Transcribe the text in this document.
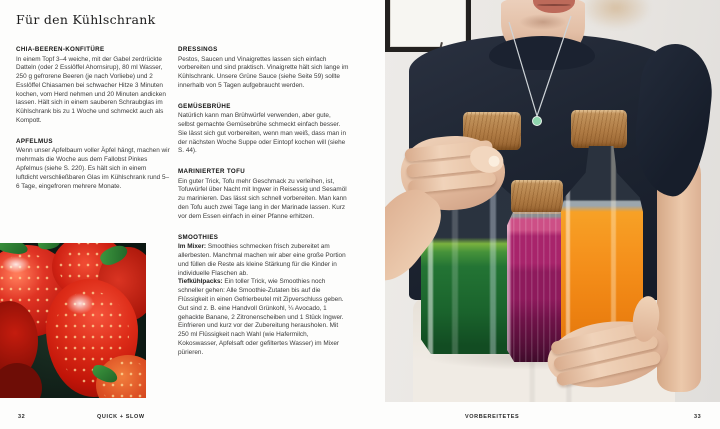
Für den Kühlschrank
CHIA-BEEREN-KONFITÜRE

In einem Topf 3–4 weiche, mit der Gabel zerdrückte Datteln (oder 2 Esslöffel Ahornsirup), 80 ml Wasser, 250 g gefrorene Beeren (je nach Vorliebe) und 2 Esslöffel Chiasamen bei schwacher Hitze 3 Minuten kochen, vom Herd nehmen und 20 Minuten andicken lassen. Hält sich in einem sauberen Schraubglas im Kühlschrank bis zu 1 Woche und schmeckt auch als Kompott.

APFELMUS

Wenn unser Apfelbaum voller Äpfel hängt, machen wir mehrmals die Woche aus dem Fallobst Pinkes Apfelmus (siehe S. 220). Es hält sich in einem luftdicht verschließbaren Glas im Kühlschrank rund 5–6 Tage, eingefroren mehrere Monate.

DRESSINGS

Pestos, Saucen und Vinaigrettes lassen sich einfach vorbereiten und sind praktisch. Vinaigrette hält sich lange im Kühlschrank. Unsere Grüne Sauce (siehe Seite 59) sollte innerhalb von 5 Tagen aufgebraucht werden.

GEMÜSEBRÜHE

Natürlich kann man Brühwürfel verwenden, aber gute, selbst gemachte Gemüsebrühe schmeckt einfach besser. Sie lässt sich gut vorbereiten, wenn man weiß, dass man in der nächsten Woche Suppe oder Eintopf kochen will (siehe S. 44).

MARINIERTER TOFU

Ein guter Trick, Tofu mehr Geschmack zu verleihen, ist, Tofuwürfel über Nacht mit Ingwer in Reisessig und Sesamöl zu marinieren. Das lässt sich schnell vorbereiten. Man kann den Tofu auch zwei Tage lang in der Marinade lassen. Kurz vor dem Essen einfach in einer Pfanne erhitzen.

SMOOTHIES

Im Mixer: Smoothies schmecken frisch zubereitet am allerbesten. Manchmal machen wir aber eine große Portion und füllen die Reste als kleine Stärkung für die Kinder in individuelle Flaschen ab.
Tiefkühlpacks: Ein toller Trick, wie Smoothies noch schneller gehen: Alle Smoothie-Zutaten bis auf die Flüssigkeit in einen Gefrierbeutel mit Zipverschluss geben. Gut sind z. B. eine Handvoll Grünkohl, ¼ Avocado, 1 gehackte Banane, 2 Zitronenscheiben und 1 Stück Ingwer. Einfrieren und kurz vor der Zubereitung herausholen. Mit 250 ml Flüssigkeit nach Wahl (wie Hafermilch, Kokoswasser, Apfelsaft oder gefiltertes Wasser) im Mixer pürieren.

32	QUICK + SLOW	VORBEREITETES	33
